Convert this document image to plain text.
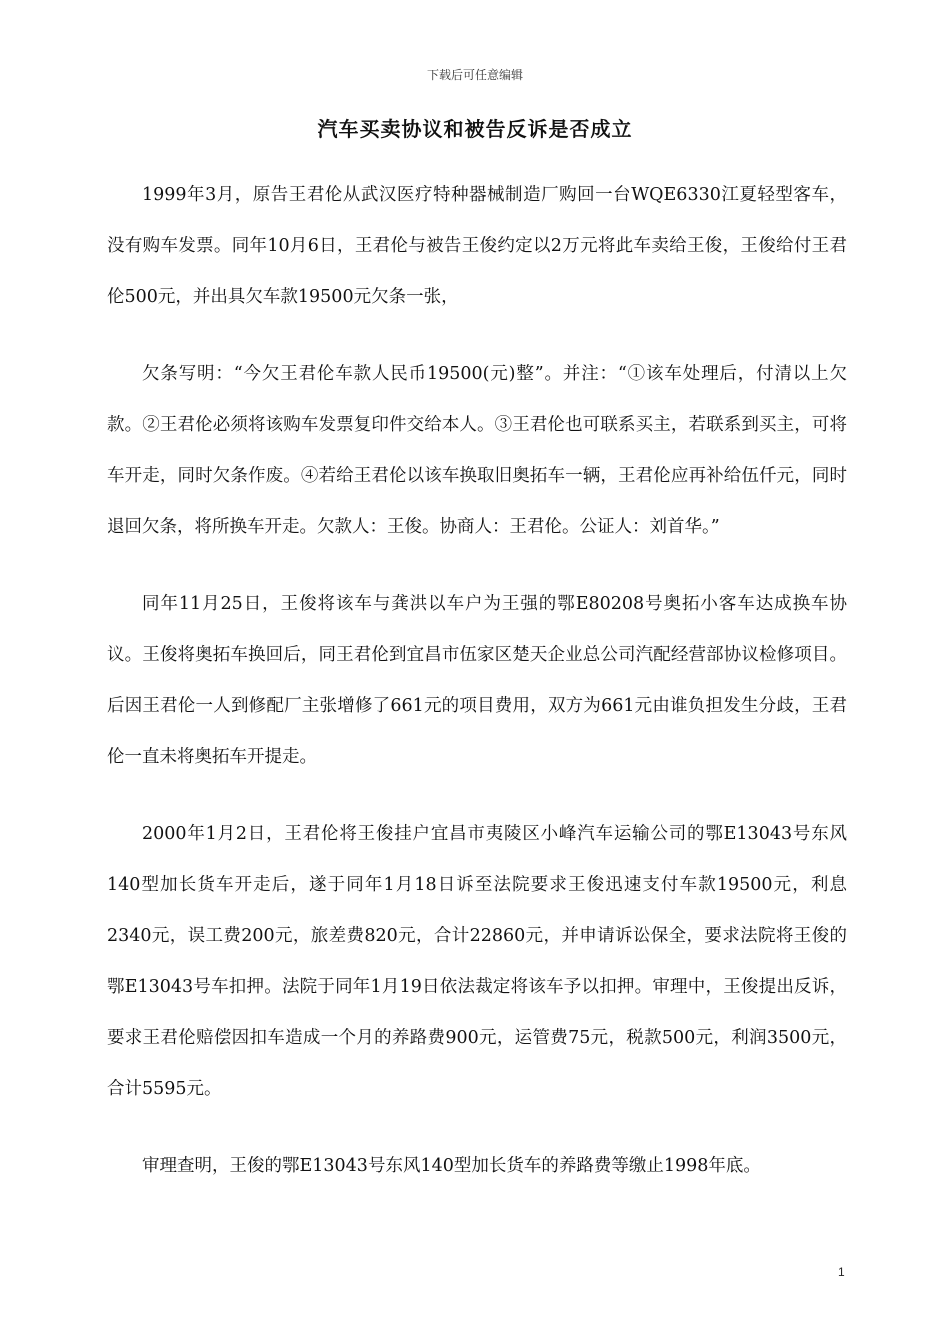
下载后可任意编辑
汽车买卖协议和被告反诉是否成立

1999年3月，原告王君伦从武汉医疗特种器械制造厂购回一台WQE6330江夏轻型客车，没有购车发票。同年10月6日，王君伦与被告王俊约定以2万元将此车卖给王俊，王俊给付王君伦500元，并出具欠车款19500元欠条一张，

欠条写明：“今欠王君伦车款人民币19500(元)整”。并注：“①该车处理后，付清以上欠款。②王君伦必须将该购车发票复印件交给本人。③王君伦也可联系买主，若联系到买主，可将车开走，同时欠条作废。④若给王君伦以该车换取旧奥拓车一辆，王君伦应再补给伍仟元，同时退回欠条，将所换车开走。欠款人：王俊。协商人：王君伦。公证人：刘首华。”

同年11月25日，王俊将该车与龚洪以车户为王强的鄂E80208号奥拓小客车达成换车协议。王俊将奥拓车换回后，同王君伦到宜昌市伍家区楚天企业总公司汽配经营部协议检修项目。后因王君伦一人到修配厂主张增修了661元的项目费用，双方为661元由谁负担发生分歧，王君伦一直未将奥拓车开提走。

2000年1月2日，王君伦将王俊挂户宜昌市夷陵区小峰汽车运输公司的鄂E13043号东风140型加长货车开走后，遂于同年1月18日诉至法院要求王俊迅速支付车款19500元，利息2340元，误工费200元，旅差费820元，合计22860元，并申请诉讼保全，要求法院将王俊的鄂E13043号车扣押。法院于同年1月19日依法裁定将该车予以扣押。审理中，王俊提出反诉，要求王君伦赔偿因扣车造成一个月的养路费900元，运管费75元，税款500元，利润3500元，合计5595元。

审理查明，王俊的鄂E13043号东风140型加长货车的养路费等缴止1998年底。

1
